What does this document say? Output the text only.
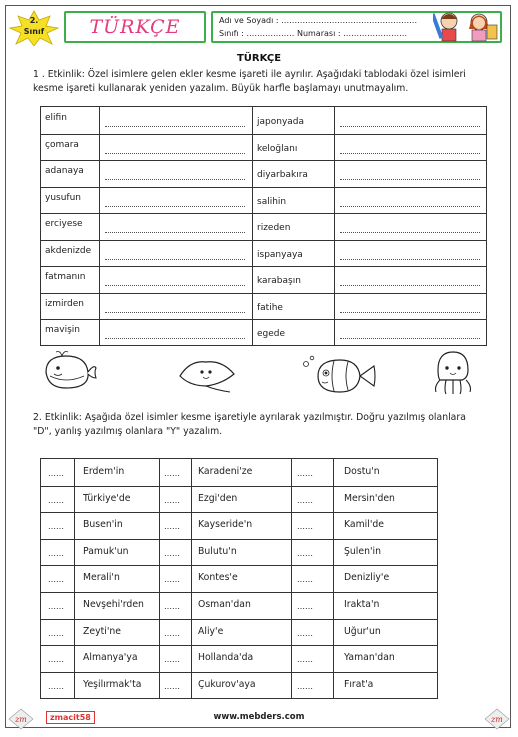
2.
Sınıf	TÜRKÇE	Adı ve Soyadı : ……………………………………………
Sınıfı : ……………… Numarası : ……………………
TÜRKÇE
1 . Etkinlik: Özel isimlere gelen ekler kesme işareti ile ayrılır. Aşağıdaki tablodaki özel isimleri
kesme işareti kullanarak yeniden yazalım. Büyük harfle başlamayı unutmayalım.
elifin	japonyada
çomara	keloğlanı
adanaya	diyarbakıra
yusufun	salihin
erciyese	rizeden
akdenizde	ispanyaya
fatmanın	karabaşın
izmirden	fatihe
mavişin	egede
2. Etkinlik: Aşağıda özel isimler kesme işaretiyle ayrılarak yazılmıştır. Doğru yazılmış olanlara
"D", yanlış yazılmış olanlara "Y" yazalım.
…… Erdem'in	…… Karadeni'ze	……	Dostu'n
…… Türkiye'de	…… Ezgi'den	……	Mersin'den
…… Busen'in	…… Kayseride'n	……	Kamil'de
…… Pamuk'un	…… Bulutu'n	……	Şulen'in
…… Merali'n	…… Kontes'e	……	Denizliy'e
…… Nevşehi'rden	…… Osman'dan	……	Irakta'n
…… Zeyti'ne	…… Aliy'e	……	Uğur'un
…… Almanya'ya	…… Hollanda'da	……	Yaman'dan
…… Yeşilırmak'ta	…… Çukurov'aya	……	Fırat'a
zm	zmacit58	www.mebders.com	zm
